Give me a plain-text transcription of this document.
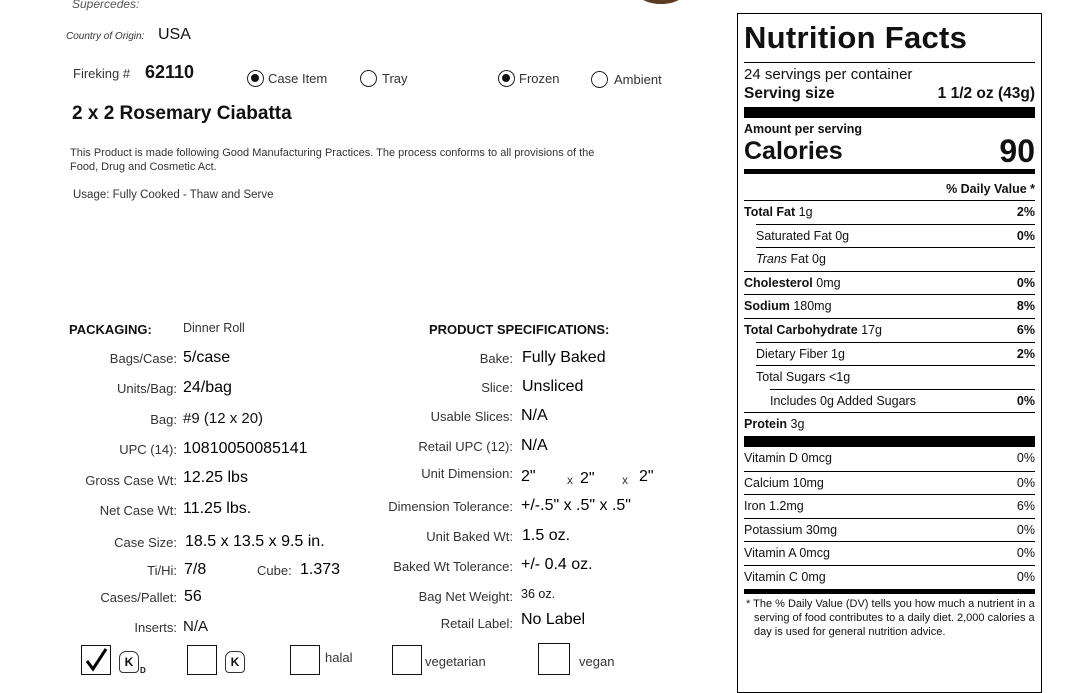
Supercedes:
Country of Origin: USA
Fireking # 62110	Case Item	Tray	Frozen	Ambient
2 x 2 Rosemary Ciabatta
This Product is made following Good Manufacturing Practices. The process conforms to all provisions of the
Food, Drug and Cosmetic Act.
Usage: Fully Cooked - Thaw and Serve
PACKAGING: Dinner Roll
Bags/Case: 5/case
Units/Bag: 24/bag
Bag: #9 (12 x 20)
UPC (14): 10810050085141
Gross Case Wt: 12.25 lbs
Net Case Wt: 11.25 lbs.
Case Size: 18.5 x 13.5 x 9.5 in.
Ti/Hi: 7/8	Cube: 1.373
Cases/Pallet: 56
Inserts: N/A
PRODUCT SPECIFICATIONS:
Bake: Fully Baked
Slice: Unsliced
Usable Slices: N/A
Retail UPC (12): N/A
Unit Dimension: 2"	x 2" x 2"
Dimension Tolerance: +/-.5" x .5" x .5"
Unit Baked Wt: 1.5 oz.
Baked Wt Tolerance: +/- 0.4 oz.
Bag Net Weight: 36 oz.
Retail Label: No Label
K
D
K	halal	vegetarian	vegan
Nutrition Facts
24 servings per container
Serving size	1 1/2 oz (43g)
Amount per serving
Calories	90
% Daily Value *
Total Fat 1g	2%
Saturated Fat 0g	0%
Trans Fat 0g
Cholesterol 0mg	0%
Sodium 180mg	8%
Total Carbohydrate 17g	6%
Dietary Fiber 1g	2%
Total Sugars <1g
Includes 0g Added Sugars	0%
Protein 3g
Vitamin D 0mcg	0%
Calcium 10mg	0%
Iron 1.2mg	6%
Potassium 30mg	0%
Vitamin A 0mcg	0%
Vitamin C 0mg	0%
* The % Daily Value (DV) tells you how much a nutrient in a serving of food contributes to a daily diet. 2,000 calories a day is used for general nutrition advice.
